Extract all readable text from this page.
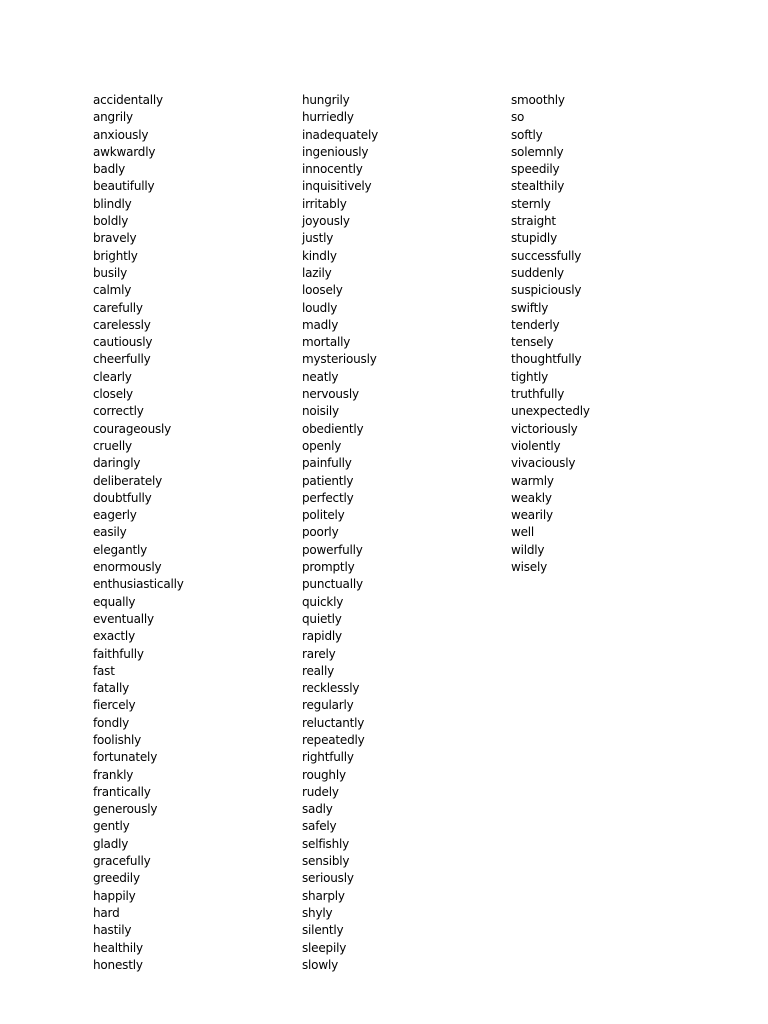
accidentally
angrily
anxiously
awkwardly
badly
beautifully
blindly
boldly
bravely
brightly
busily
calmly
carefully
carelessly
cautiously
cheerfully
clearly
closely
correctly
courageously
cruelly
daringly
deliberately
doubtfully
eagerly
easily
elegantly
enormously
enthusiastically
equally
eventually
exactly
faithfully
fast
fatally
fiercely
fondly
foolishly
fortunately
frankly
frantically
generously
gently
gladly
gracefully
greedily
happily
hard
hastily
healthily
honestly
hungrily
hurriedly
inadequately
ingeniously
innocently
inquisitively
irritably
joyously
justly
kindly
lazily
loosely
loudly
madly
mortally
mysteriously
neatly
nervously
noisily
obediently
openly
painfully
patiently
perfectly
politely
poorly
powerfully
promptly
punctually
quickly
quietly
rapidly
rarely
really
recklessly
regularly
reluctantly
repeatedly
rightfully
roughly
rudely
sadly
safely
selfishly
sensibly
seriously
sharply
shyly
silently
sleepily
slowly
smoothly
so
softly
solemnly
speedily
stealthily
sternly
straight
stupidly
successfully
suddenly
suspiciously
swiftly
tenderly
tensely
thoughtfully
tightly
truthfully
unexpectedly
victoriously
violently
vivaciously
warmly
weakly
wearily
well
wildly
wisely
